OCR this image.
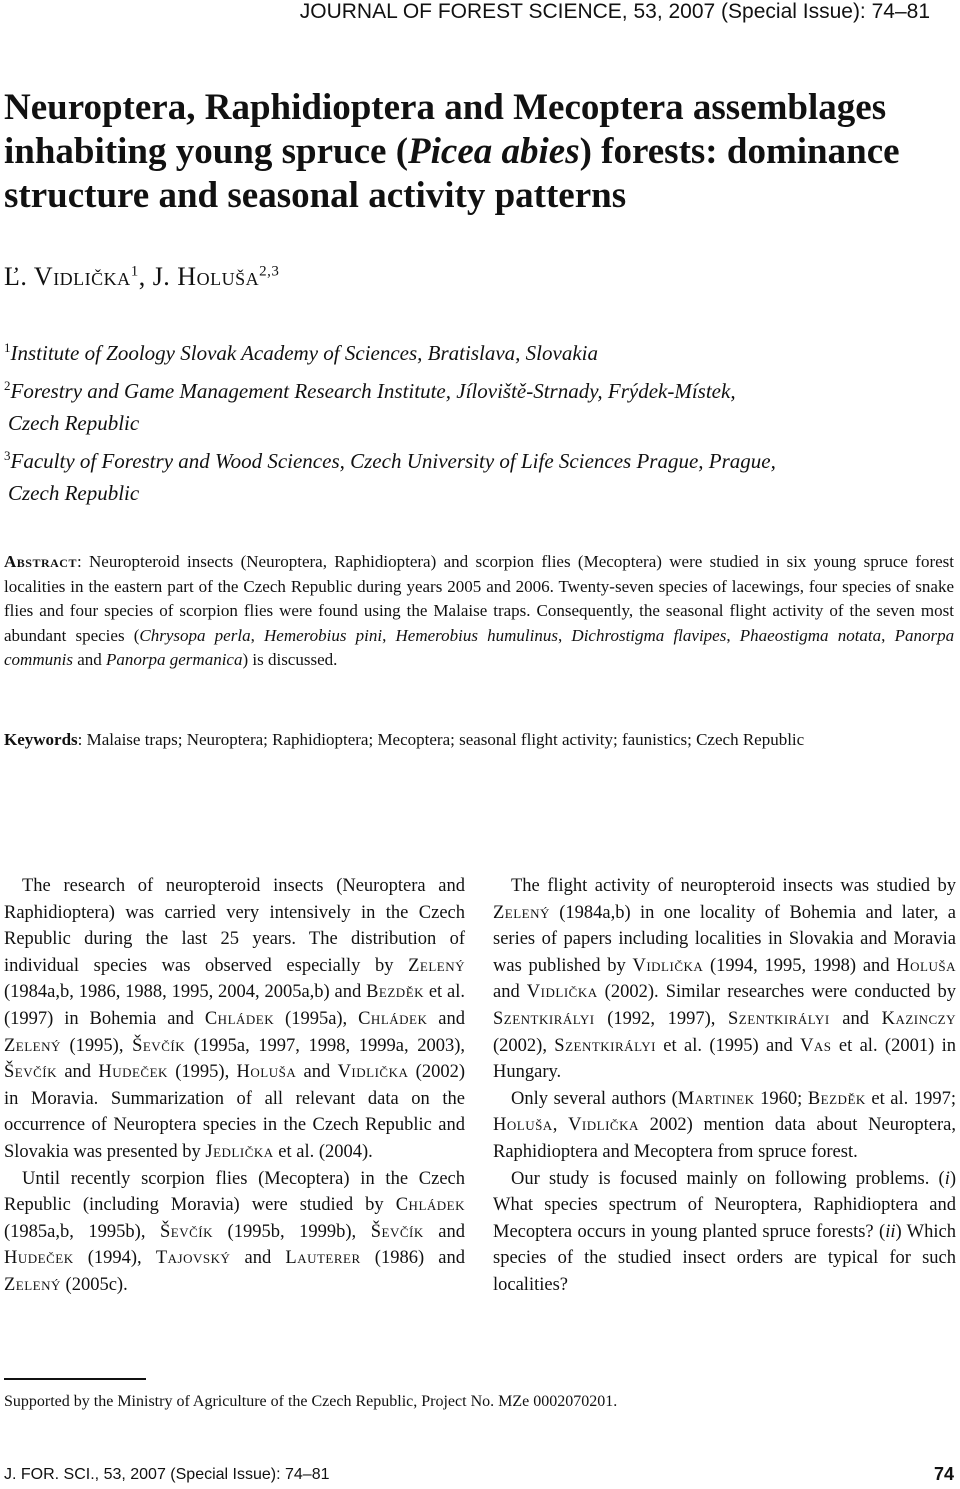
JOURNAL OF FOREST SCIENCE, 53, 2007 (Special Issue): 74–81
Neuroptera, Raphidioptera and Mecoptera assemblages
inhabiting young spruce (Picea abies) forests: dominance
structure and seasonal activity patterns
Ľ. Vidlička$^1$, J. Holuša$^{2,3}$
$^1$Institute of Zoology Slovak Academy of Sciences, Bratislava, Slovakia
$^2$Forestry and Game Management Research Institute, Jíloviště-Strnady, Frýdek-Místek,
Czech Republic
$^3$Faculty of Forestry and Wood Sciences, Czech University of Life Sciences Prague, Prague,
Czech Republic
Abstract: Neuropteroid insects (Neuroptera, Raphidioptera) and scorpion flies (Mecoptera) were studied in six young spruce forest localities in the eastern part of the Czech Republic during years 2005 and 2006. Twenty-seven species of lacewings, four species of snake flies and four species of scorpion flies were found using the Malaise traps. Consequently, the seasonal flight activity of the seven most abundant species (Chrysopa perla, Hemerobius pini, Hemerobius humulinus, Dichrostigma flavipes, Phaeostigma notata, Panorpa communis and Panorpa germanica) is discussed.
Keywords: Malaise traps; Neuroptera; Raphidioptera; Mecoptera; seasonal flight activity; faunistics; Czech Republic

The research of neuropteroid insects (Neuroptera and Raphidioptera) was carried very intensively in the Czech Republic during the last 25 years. The distribution of individual species was observed especially by Zelený (1984a,b, 1986, 1988, 1995, 2004, 2005a,b) and Bezděk et al. (1997) in Bohemia and Chládek (1995a), Chládek and Zelený (1995), Ševčík (1995a, 1997, 1998, 1999a, 2003), Ševčík and Hudeček (1995), Holuša and Vidlička (2002) in Moravia. Summarization of all relevant data on the occurrence of Neuroptera species in the Czech Republic and Slovakia was presented by Jedlička et al. (2004).

Until recently scorpion flies (Mecoptera) in the Czech Republic (including Moravia) were studied by Chládek (1985a,b, 1995b), Ševčík (1995b, 1999b), Ševčík and Hudeček (1994), Tajovský and Lauterer (1986) and Zelený (2005c).

The flight activity of neuropteroid insects was studied by Zelený (1984a,b) in one locality of Bohemia and later, a series of papers including localities in Slovakia and Moravia was published by Vidlička (1994, 1995, 1998) and Holuša and Vidlička (2002). Similar researches were conducted by Szentkirályi (1992, 1997), Szentkirályi and Kazinczy (2002), Szentkirályi et al. (1995) and Vas et al. (2001) in Hungary.

Only several authors (Martinek 1960; Bezděk et al. 1997; Holuša, Vidlička 2002) mention data about Neuroptera, Raphidioptera and Mecoptera from spruce forest.

Our study is focused mainly on following problems. (i) What species spectrum of Neuroptera, Raphidioptera and Mecoptera occurs in young planted spruce forests? (ii) Which species of the studied insect orders are typical for such localities?

Supported by the Ministry of Agriculture of the Czech Republic, Project No. MZe 0002070201.
J. FOR. SCI., 53, 2007 (Special Issue): 74–81	74
